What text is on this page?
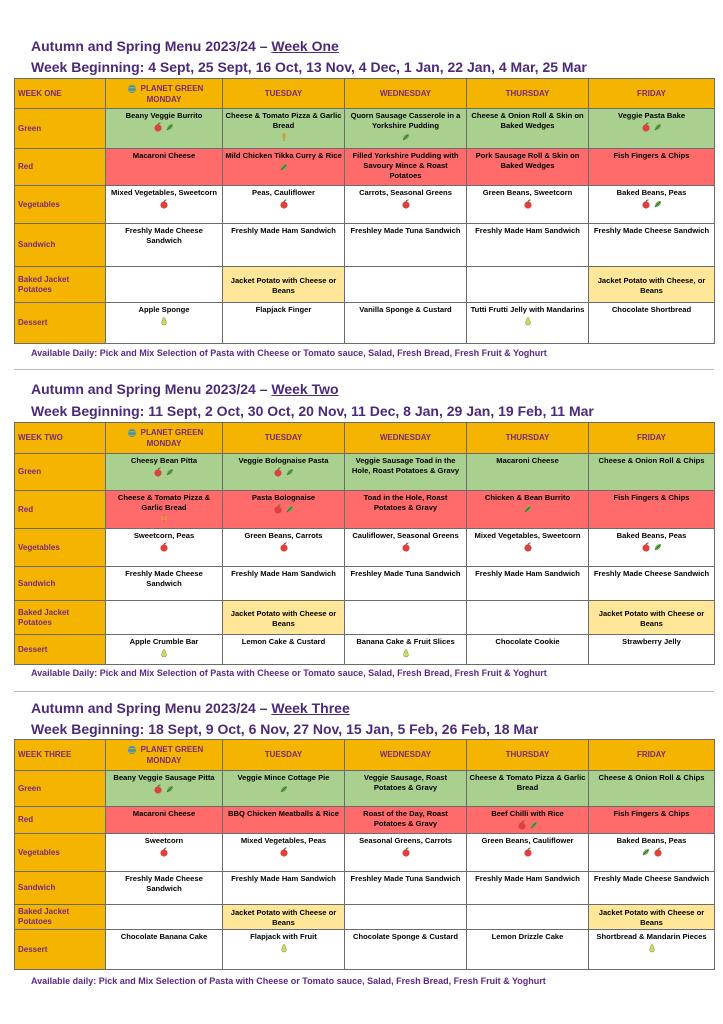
Autumn and Spring Menu 2023/24 – Week One
Week Beginning: 4 Sept, 25 Sept, 16 Oct, 13 Nov, 4 Dec, 1 Jan, 22 Jan, 4 Mar, 25 Mar
WEEK ONE	PLANET GREEN MONDAY	TUESDAY	WEDNESDAY	THURSDAY	FRIDAY
Green	Beany Veggie Burrito	Cheese & Tomato Pizza & Garlic Bread	Quorn Sausage Casserole in a Yorkshire Pudding	Cheese & Onion Roll & Skin on Baked Wedges	Veggie Pasta Bake

Red	Macaroni Cheese	Mild Chicken Tikka Curry & Rice	Filled Yorkshire Pudding with Savoury Mince & Roast Potatoes	Pork Sausage Roll & Skin on Baked Wedges	Fish Fingers & Chips

Vegetables	Mixed Vegetables, Sweetcorn	Peas, Cauliflower	Carrots, Seasonal Greens	Green Beans, Sweetcorn	Baked Beans, Peas

Sandwich	Freshly Made Cheese Sandwich	Freshly Made Ham Sandwich	Freshley Made Tuna Sandwich	Freshly Made Ham Sandwich	Freshly Made Cheese Sandwich

Baked Jacket Potatoes		Jacket Potato with Cheese or Beans			Jacket Potato with Cheese, or Beans

Dessert	Apple Sponge	Flapjack Finger	Vanilla Sponge & Custard	Tutti Frutti Jelly with Mandarins	Chocolate Shortbread
Available Daily: Pick and Mix Selection of Pasta with Cheese or Tomato sauce, Salad, Fresh Bread, Fresh Fruit & Yoghurt
Autumn and Spring Menu 2023/24 – Week Two
Week Beginning: 11 Sept, 2 Oct, 30 Oct, 20 Nov, 11 Dec, 8 Jan, 29 Jan, 19 Feb, 11 Mar
WEEK TWO	PLANET GREEN MONDAY	TUESDAY	WEDNESDAY	THURSDAY	FRIDAY
Green	Cheesy Bean Pitta	Veggie Bolognaise Pasta	Veggie Sausage Toad in the Hole, Roast Potatoes & Gravy	Macaroni Cheese	Cheese & Onion Roll & Chips

Red	Cheese & Tomato Pizza & Garlic Bread	Pasta Bolognaise	Toad in the Hole, Roast Potatoes & Gravy	Chicken & Bean Burrito	Fish Fingers & Chips

Vegetables	Sweetcorn, Peas	Green Beans, Carrots	Cauliflower, Seasonal Greens	Mixed Vegetables, Sweetcorn	Baked Beans, Peas

Sandwich	Freshly Made Cheese Sandwich	Freshly Made Ham Sandwich	Freshley Made Tuna Sandwich	Freshly Made Ham Sandwich	Freshly Made Cheese Sandwich

Baked Jacket Potatoes		Jacket Potato with Cheese or Beans			Jacket Potato with Cheese or Beans

Dessert	Apple Crumble Bar	Lemon Cake & Custard	Banana Cake & Fruit Slices	Chocolate Cookie	Strawberry Jelly
Available Daily: Pick and Mix Selection of Pasta with Cheese or Tomato sauce, Salad, Fresh Bread, Fresh Fruit & Yoghurt
Autumn and Spring Menu 2023/24 – Week Three
Week Beginning: 18 Sept, 9 Oct, 6 Nov, 27 Nov, 15 Jan, 5 Feb, 26 Feb, 18 Mar
WEEK THREE	PLANET GREEN MONDAY	TUESDAY	WEDNESDAY	THURSDAY	FRIDAY
Green	Beany Veggie Sausage Pitta	Veggie Mince Cottage Pie	Veggie Sausage, Roast Potatoes & Gravy	Cheese & Tomato Pizza & Garlic Bread	Cheese & Onion Roll & Chips

Red	Macaroni Cheese	BBQ Chicken Meatballs & Rice	Roast of the Day, Roast Potatoes & Gravy	Beef Chilli with Rice	Fish Fingers & Chips

Vegetables	Sweetcorn	Mixed Vegetables, Peas	Seasonal Greens, Carrots	Green Beans, Cauliflower	Baked Beans, Peas

Sandwich	Freshly Made Cheese Sandwich	Freshly Made Ham Sandwich	Freshley Made Tuna Sandwich	Freshly Made Ham Sandwich	Freshly Made Cheese Sandwich

Baked Jacket Potatoes		Jacket Potato with Cheese or Beans			Jacket Potato with Cheese or Beans

Dessert	Chocolate Banana Cake	Flapjack with Fruit	Chocolate Sponge & Custard	Lemon Drizzle Cake	Shortbread & Mandarin Pieces
Available daily: Pick and Mix Selection of Pasta with Cheese or Tomato sauce, Salad, Fresh Bread, Fresh Fruit & Yoghurt
